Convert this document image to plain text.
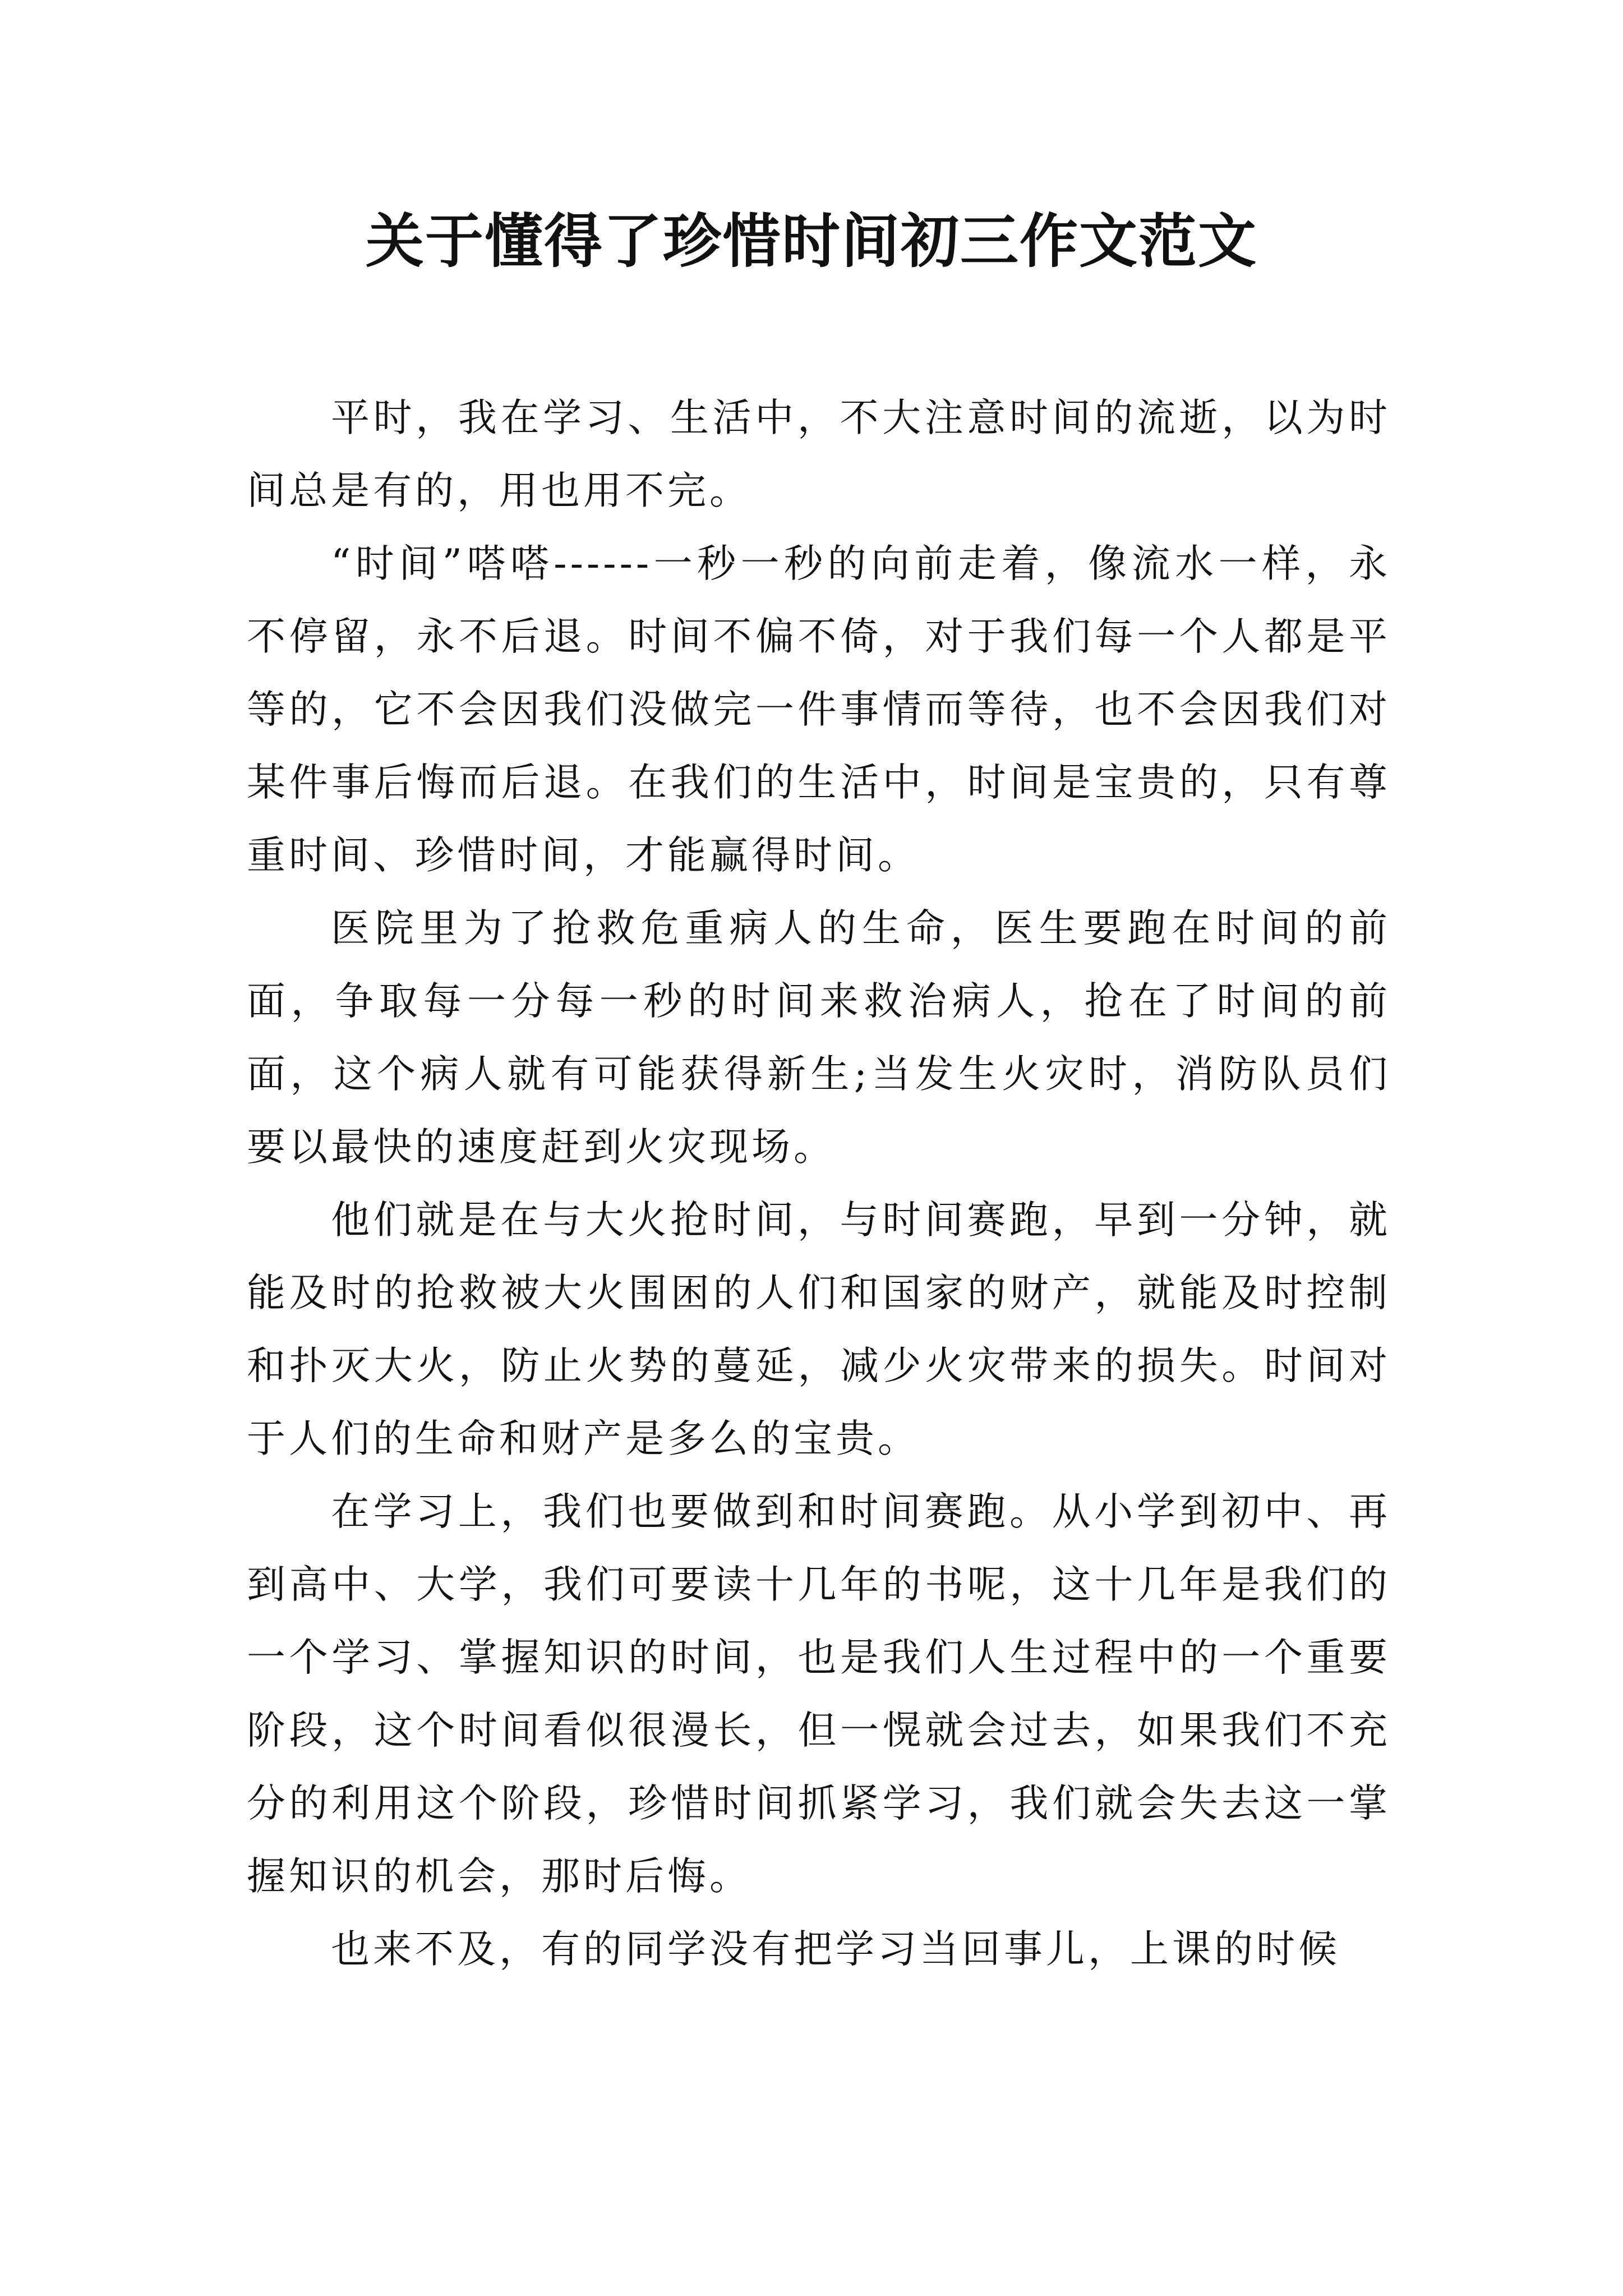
关于懂得了珍惜时间初三作文范文

平时，我在学习、生活中，不大注意时间的流逝，以为时间总是有的，用也用不完。

“时间”嗒嗒------一秒一秒的向前走着，像流水一样，永不停留，永不后退。时间不偏不倚，对于我们每一个人都是平等的，它不会因我们没做完一件事情而等待，也不会因我们对某件事后悔而后退。在我们的生活中，时间是宝贵的，只有尊重时间、珍惜时间，才能赢得时间。

医院里为了抢救危重病人的生命，医生要跑在时间的前面，争取每一分每一秒的时间来救治病人，抢在了时间的前面，这个病人就有可能获得新生;当发生火灾时，消防队员们要以最快的速度赶到火灾现场。

他们就是在与大火抢时间，与时间赛跑，早到一分钟，就能及时的抢救被大火围困的人们和国家的财产，就能及时控制和扑灭大火，防止火势的蔓延，减少火灾带来的损失。时间对于人们的生命和财产是多么的宝贵。

在学习上，我们也要做到和时间赛跑。从小学到初中、再到高中、大学，我们可要读十几年的书呢，这十几年是我们的一个学习、掌握知识的时间，也是我们人生过程中的一个重要阶段，这个时间看似很漫长，但一愰就会过去，如果我们不充分的利用这个阶段，珍惜时间抓紧学习，我们就会失去这一掌握知识的机会，那时后悔。

也来不及，有的同学没有把学习当回事儿，上课的时候
